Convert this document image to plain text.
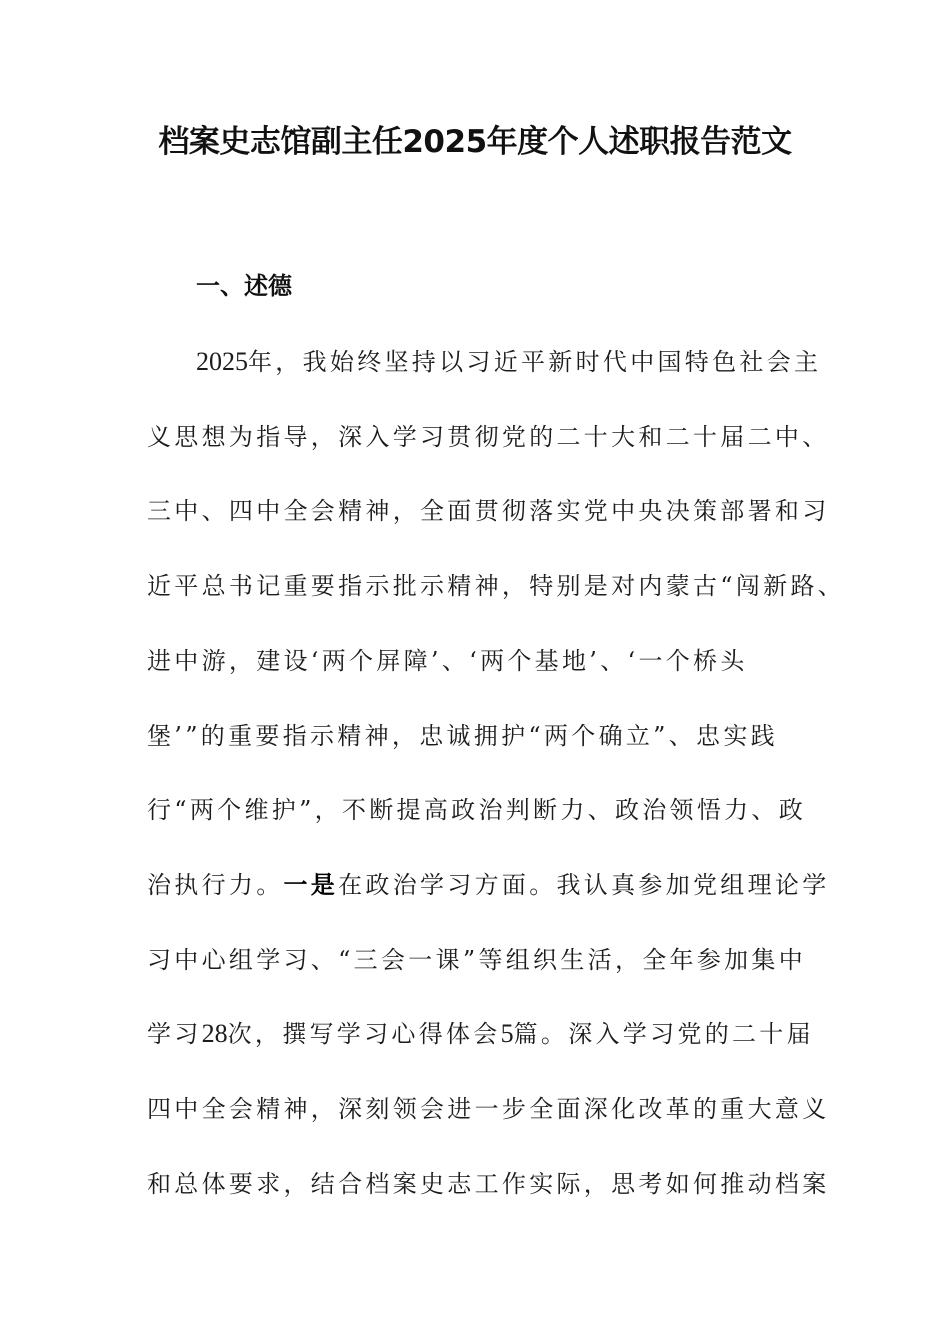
档案史志馆副主任2025年度个人述职报告范文
一、述德
2025年，我始终坚持以习近平新时代中国特色社会主
义思想为指导，深入学习贯彻党的二十大和二十届二中、
三中、四中全会精神，全面贯彻落实党中央决策部署和习
近平总书记重要指示批示精神，特别是对内蒙古“闯新路、
进中游，建设‘两个屏障’、‘两个基地’、‘一个桥头
堡’”的重要指示精神，忠诚拥护“两个确立”、忠实践
行“两个维护”，不断提高政治判断力、政治领悟力、政
治执行力。一是在政治学习方面。我认真参加党组理论学
习中心组学习、“三会一课”等组织生活，全年参加集中
学习28次，撰写学习心得体会5篇。深入学习党的二十届
四中全会精神，深刻领会进一步全面深化改革的重大意义
和总体要求，结合档案史志工作实际，思考如何推动档案
